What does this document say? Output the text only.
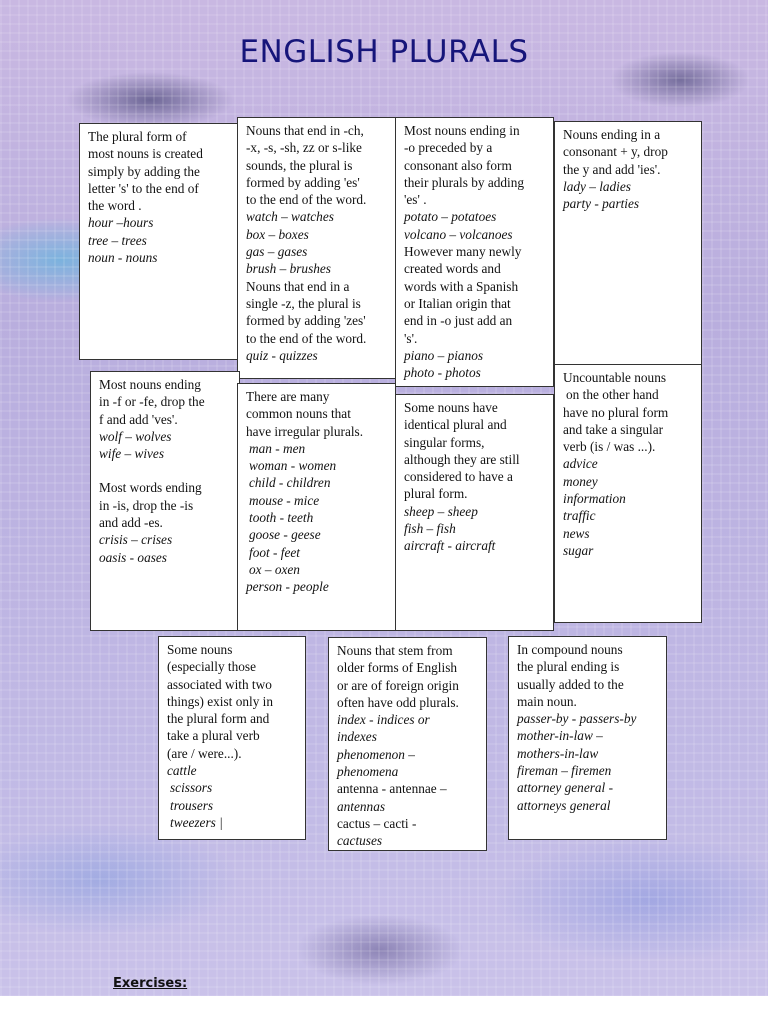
ENGLISH PLURALS

The plural form of

most nouns is created

simply by adding the

letter 's' to the end of

the word .

hour –hours

tree – trees

noun - nouns

Nouns that end in -ch,

-x, -s, -sh, zz or s-like

sounds, the plural is

formed by adding 'es'

to the end of the word.

watch – watches

box – boxes

gas – gases

brush – brushes

Nouns that end in a

single -z, the plural is

formed by adding 'zes'

to the end of the word.

quiz - quizzes

Most nouns ending in

-o preceded by a

consonant also form

their plurals by adding

'es' .

potato – potatoes

volcano – volcanoes

However many newly

created words and

words with a Spanish

or Italian origin that

end in -o just add an

's'.

piano – pianos

photo - photos

Nouns ending in a

consonant + y, drop

the y and add 'ies'.

lady – ladies

party - parties

Most nouns ending

in -f or -fe, drop the

f and add 'ves'.

wolf – wolves

wife – wives

Most words ending

in -is, drop the -is

and add -es.

crisis – crises

oasis - oases

There are many

common nouns that

have irregular plurals.

man - men

woman - women

child - children

mouse - mice

tooth - teeth

goose - geese

foot - feet

ox – oxen

person - people

Some nouns have

identical plural and

singular forms,

although they are still

considered to have a

plural form.

sheep – sheep

fish – fish

aircraft - aircraft

Uncountable nouns

on the other hand

have no plural form

and take a singular

verb (is / was ...).

advice

money

information

traffic

news

sugar

Some nouns

(especially those

associated with two

things) exist only in

the plural form and

take a plural verb

(are / were...).

cattle

scissors

trousers

tweezers |

Nouns that stem from

older forms of English

or are of foreign origin

often have odd plurals.

index - indices or

indexes

phenomenon –

phenomena

antenna - antennae –

antennas

cactus – cacti -

cactuses

In compound nouns

the plural ending is

usually added to the

main noun.

passer-by - passers-by

mother-in-law –

mothers-in-law

fireman – firemen

attorney general -

attorneys general

Exercises:
